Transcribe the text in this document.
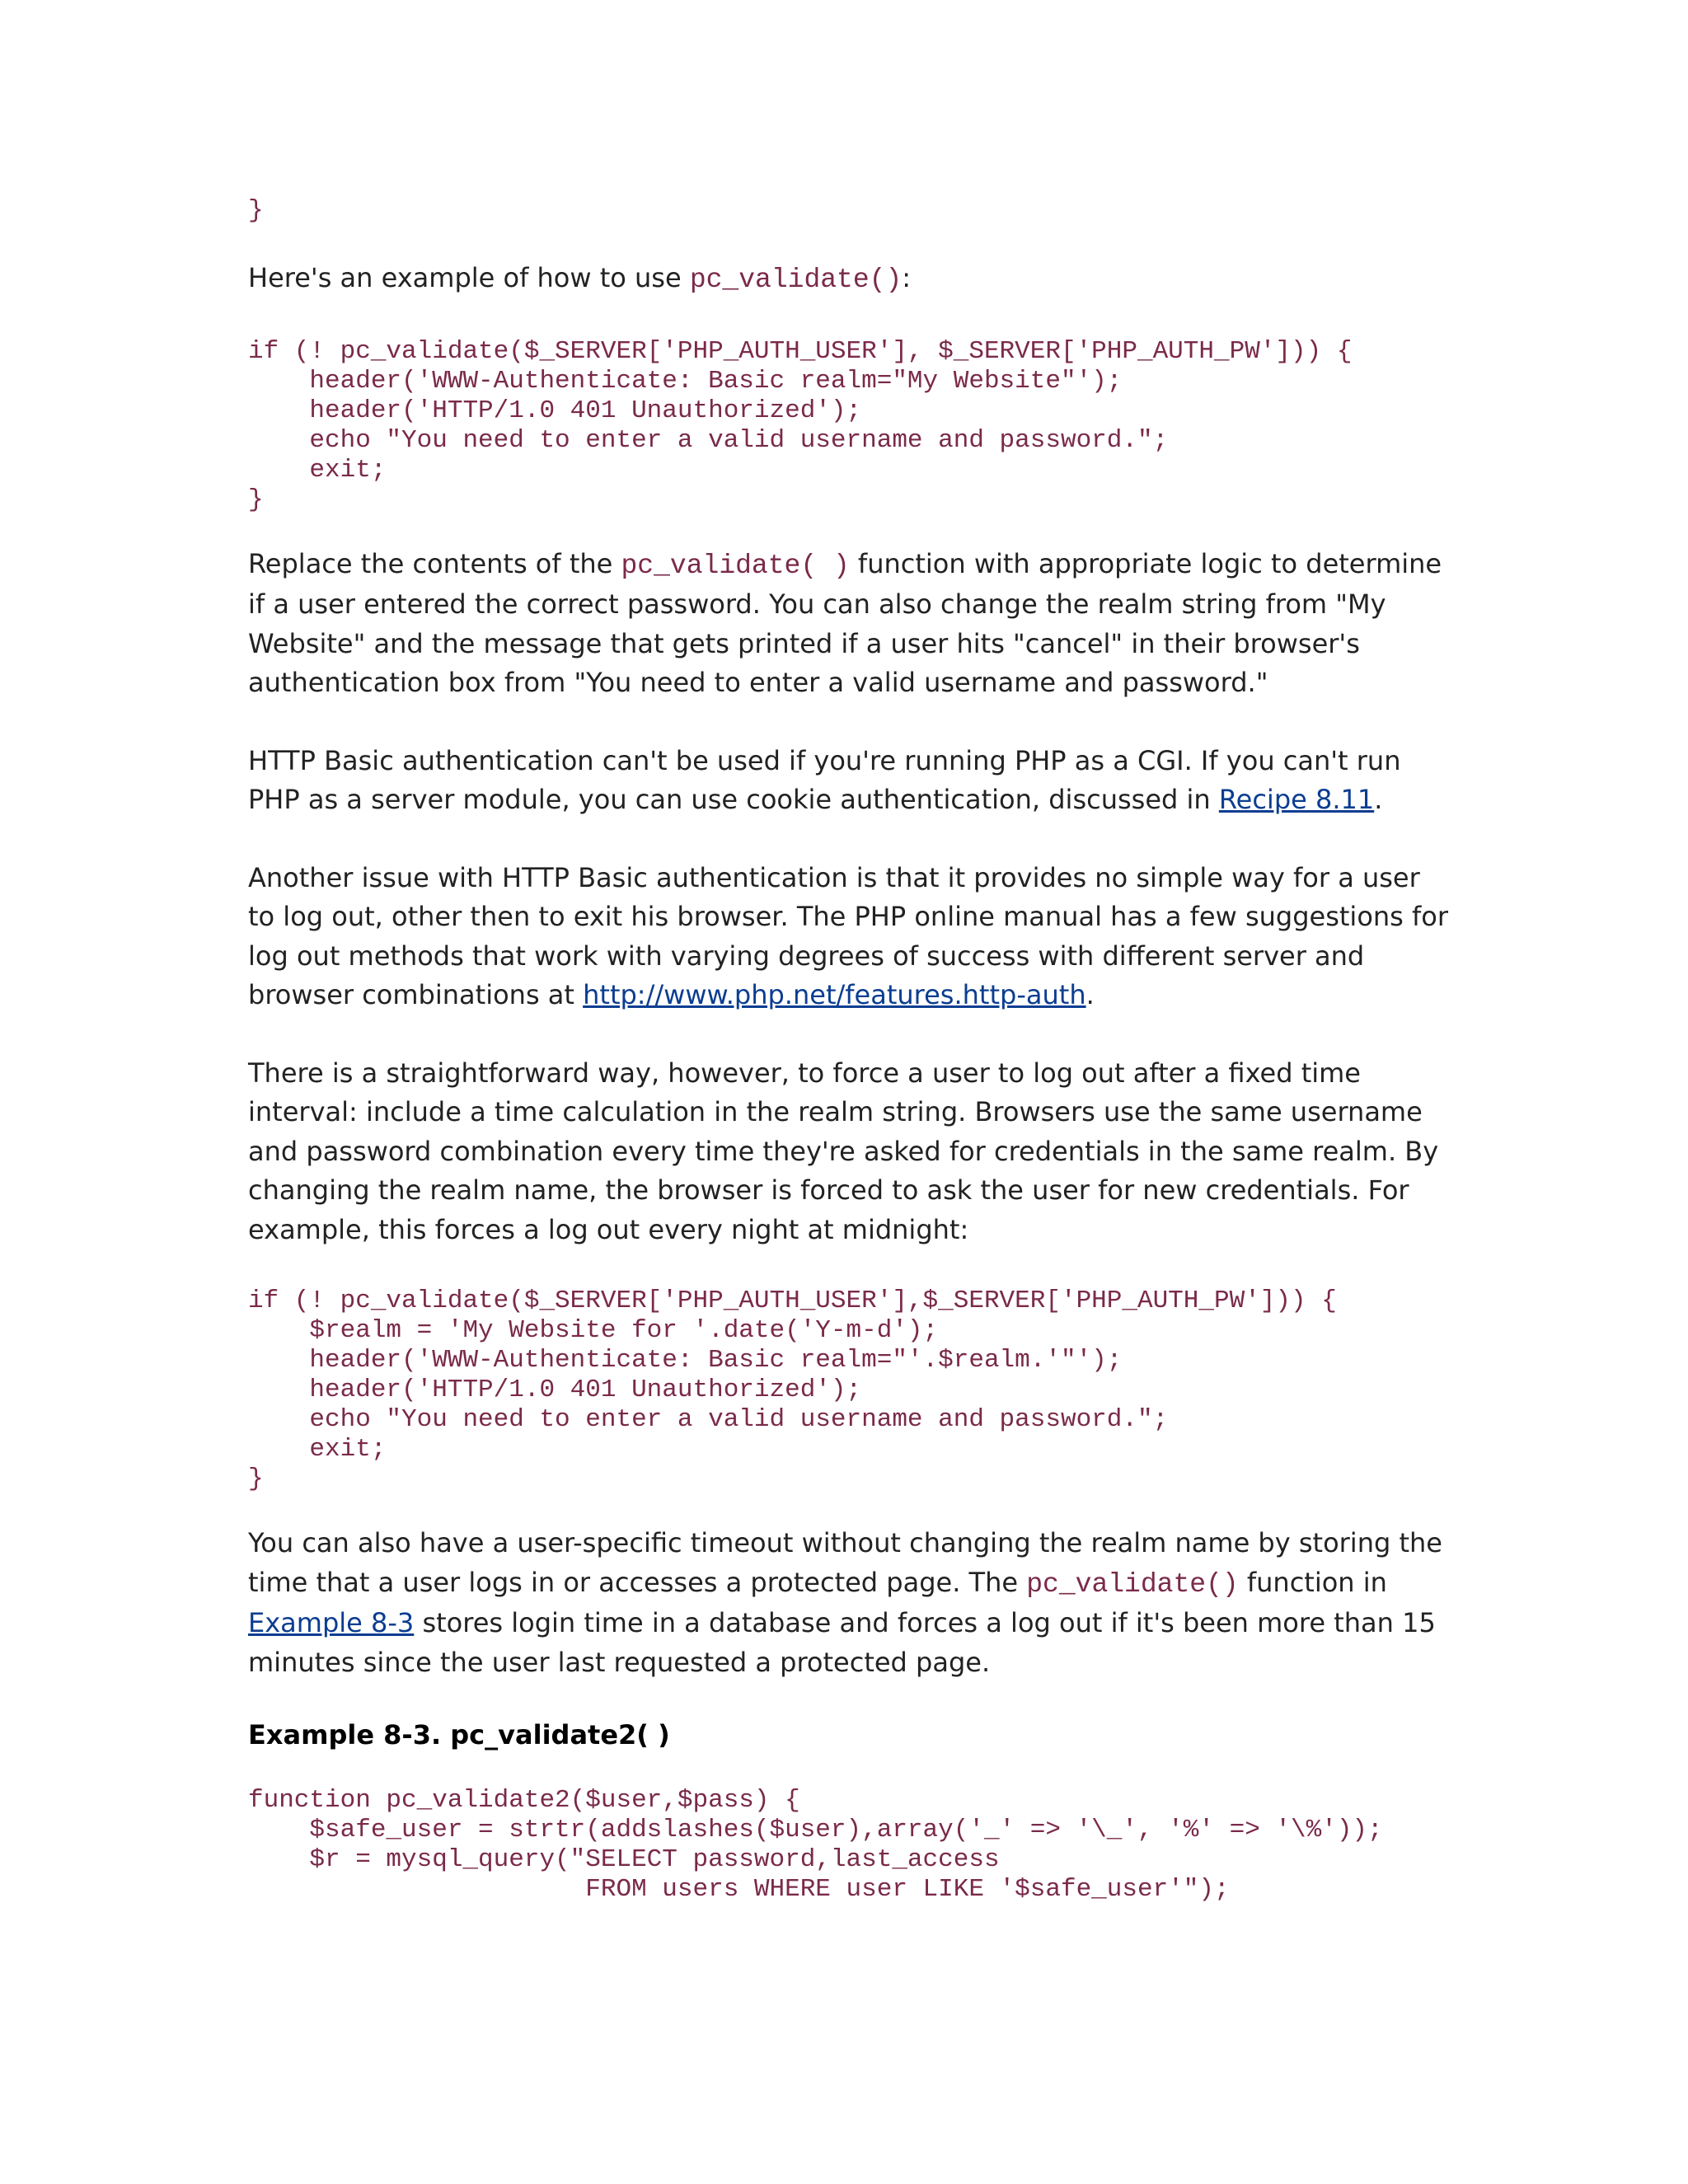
}

Here's an example of how to use pc_validate():

if (! pc_validate($_SERVER['PHP_AUTH_USER'], $_SERVER['PHP_AUTH_PW'])) {
header('WWW-Authenticate: Basic realm="My Website"');
header('HTTP/1.0 401 Unauthorized');
echo "You need to enter a valid username and password.";
exit;
}

Replace the contents of the pc_validate( ) function with appropriate logic to determine if a user entered the correct password. You can also change the realm string from "My Website" and the message that gets printed if a user hits "cancel" in their browser's authentication box from "You need to enter a valid username and password."

HTTP Basic authentication can't be used if you're running PHP as a CGI. If you can't run PHP as a server module, you can use cookie authentication, discussed in Recipe 8.11.

Another issue with HTTP Basic authentication is that it provides no simple way for a user to log out, other then to exit his browser. The PHP online manual has a few suggestions for log out methods that work with varying degrees of success with different server and browser combinations at http://www.php.net/features.http-auth.

There is a straightforward way, however, to force a user to log out after a fixed time interval: include a time calculation in the realm string. Browsers use the same username and password combination every time they're asked for credentials in the same realm. By changing the realm name, the browser is forced to ask the user for new credentials. For example, this forces a log out every night at midnight:

if (! pc_validate($_SERVER['PHP_AUTH_USER'],$_SERVER['PHP_AUTH_PW'])) {
$realm = 'My Website for '.date('Y-m-d');
header('WWW-Authenticate: Basic realm="'.$realm.'"');
header('HTTP/1.0 401 Unauthorized');
echo "You need to enter a valid username and password.";
exit;
}

You can also have a user-specific timeout without changing the realm name by storing the time that a user logs in or accesses a protected page. The pc_validate() function in Example 8-3 stores login time in a database and forces a log out if it's been more than 15 minutes since the user last requested a protected page.

Example 8-3. pc_validate2( )
function pc_validate2($user,$pass) {
$safe_user = strtr(addslashes($user),array('_' => '\_', '%' => '\%'));
$r = mysql_query("SELECT password,last_access
FROM users WHERE user LIKE '$safe_user'");
